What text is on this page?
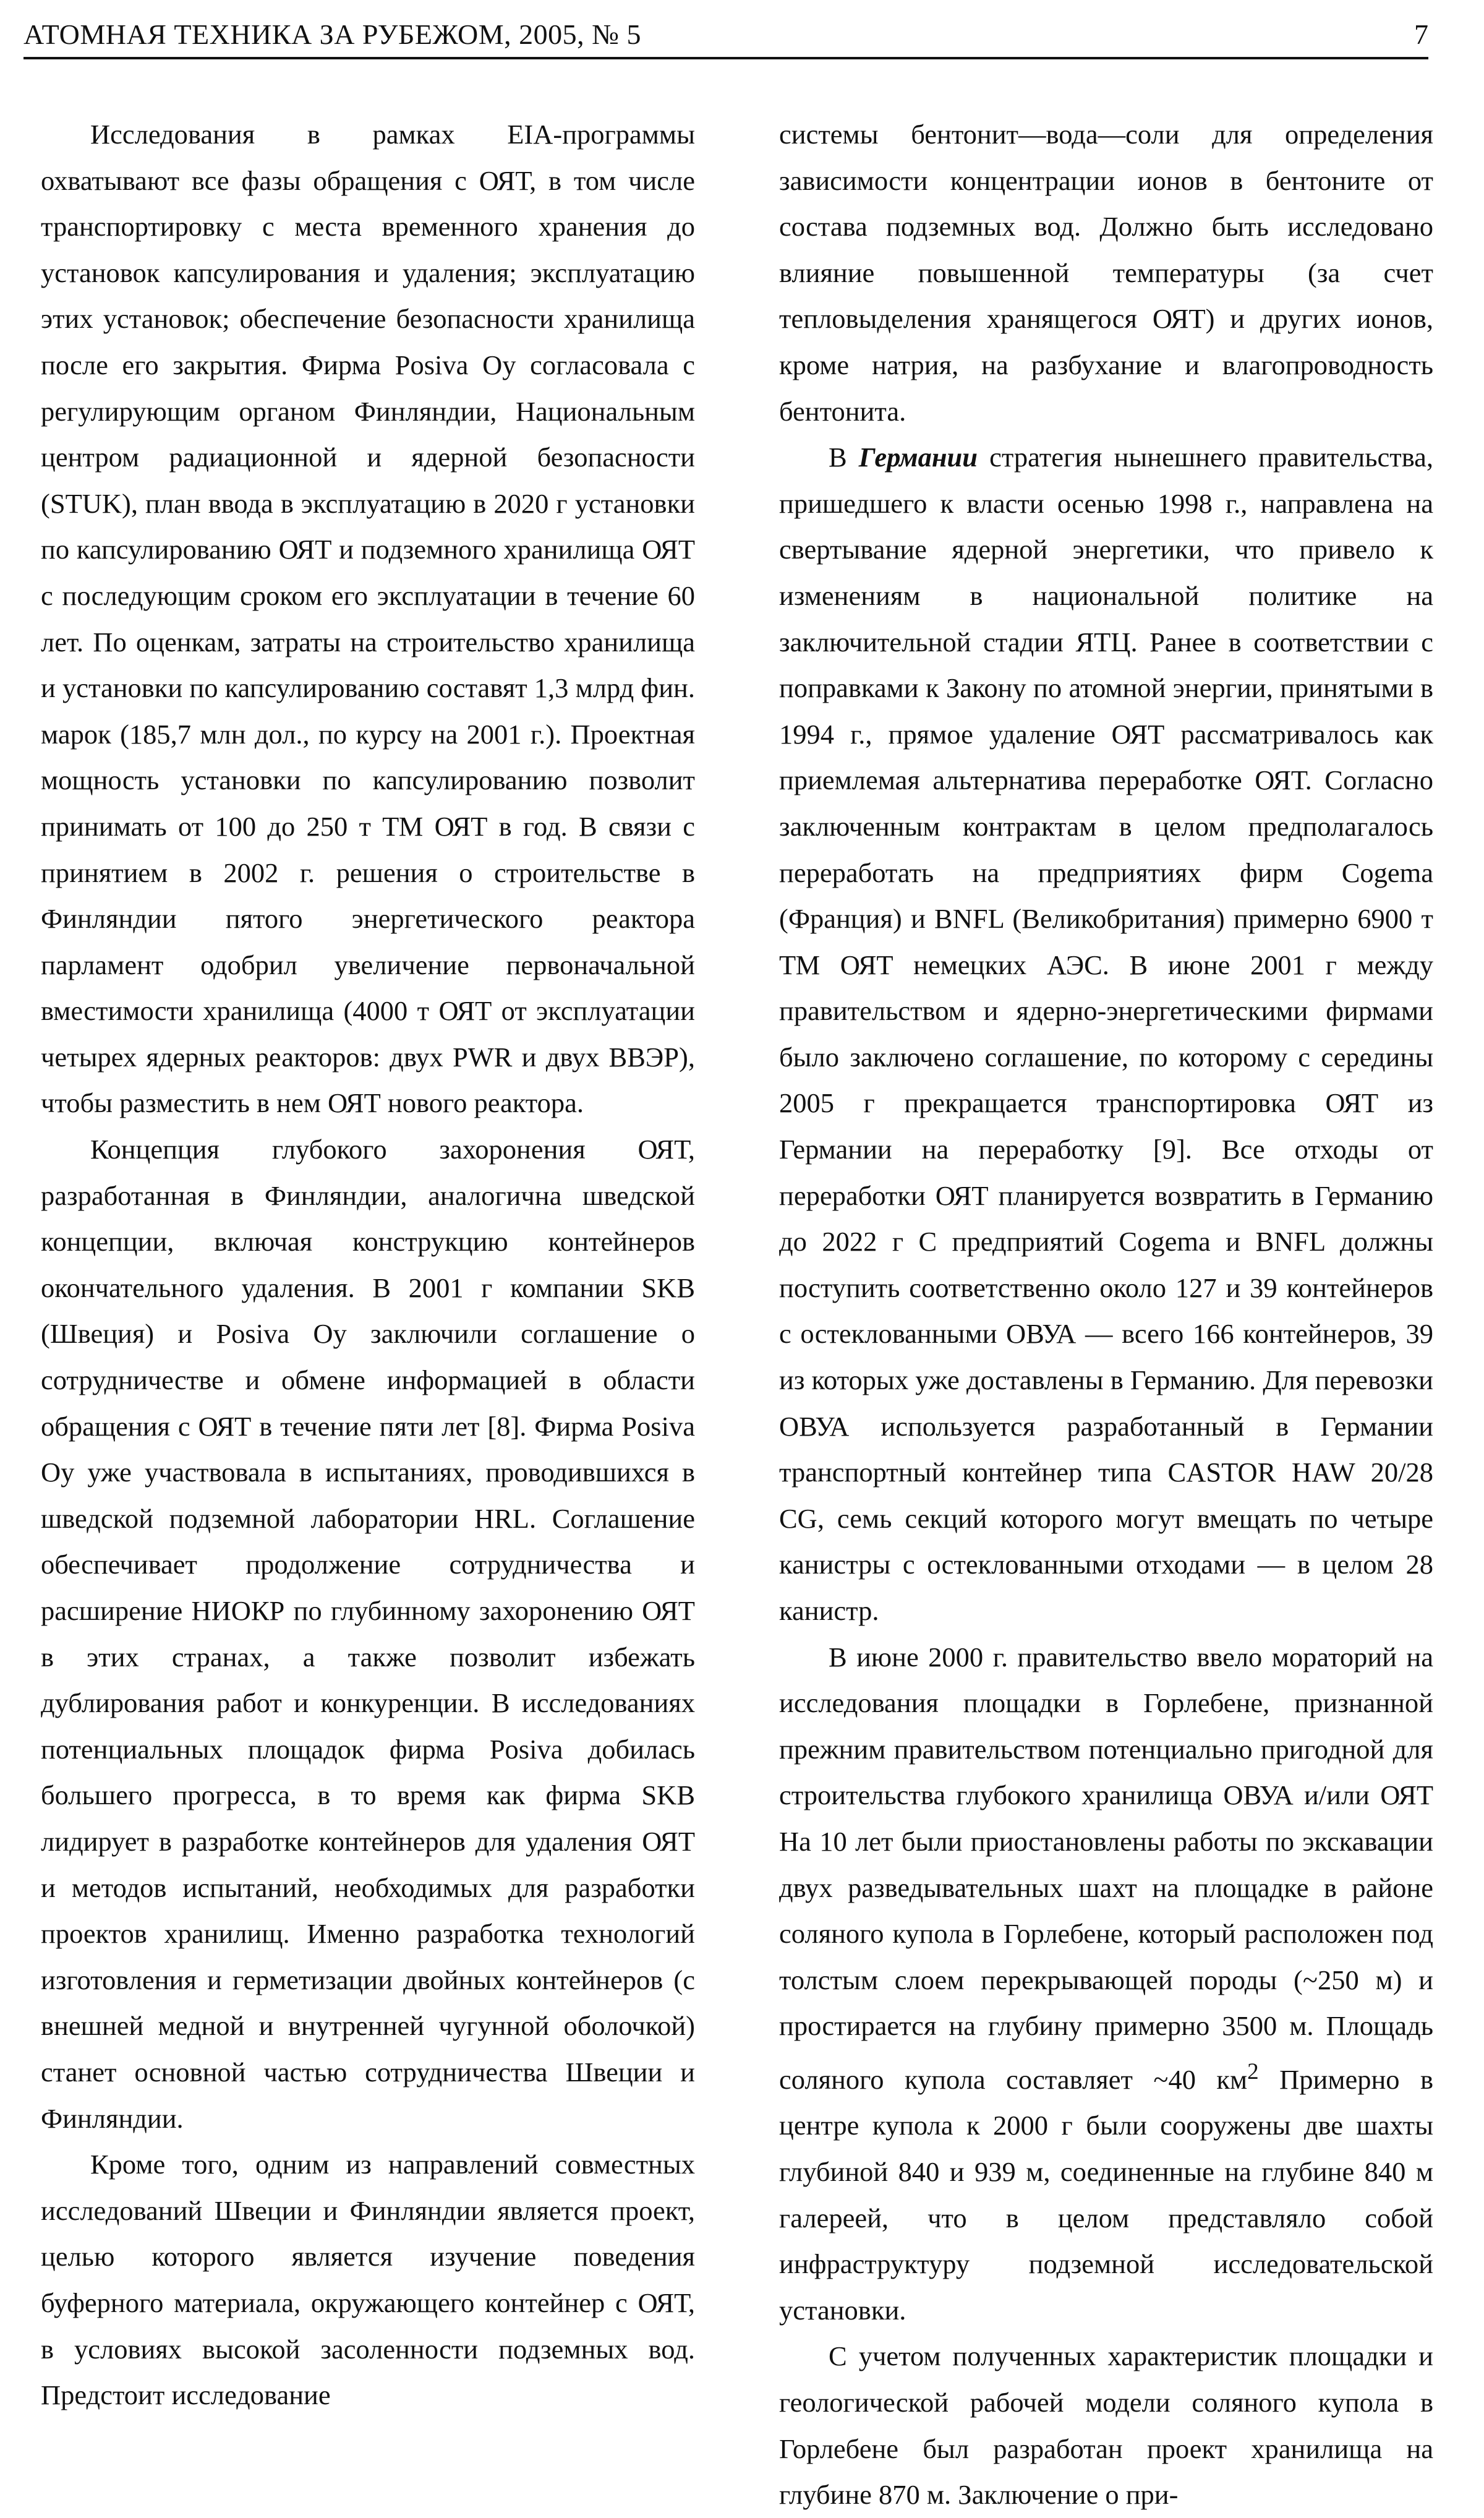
АТОМНАЯ ТЕХНИКА ЗА РУБЕЖОМ, 2005, № 5	7

Исследования в рамках EIA-программы охватывают все фазы обращения с ОЯТ, в том числе транспортировку с места временного хранения до установок капсулирования и удаления; эксплуатацию этих установок; обеспечение безопасности хранилища после его закрытия. Фирма Posiva Oy согласовала с регулирующим органом Финляндии, Национальным центром радиационной и ядерной безопасности (STUK), план ввода в эксплуатацию в 2020 г установки по капсулированию ОЯТ и подземного хранилища ОЯТ с последующим сроком его эксплуатации в течение 60 лет. По оценкам, затраты на строительство хранилища и установки по капсулированию составят 1,3 млрд фин. марок (185,7 млн дол., по курсу на 2001 г.). Проектная мощность установки по капсулированию позволит принимать от 100 до 250 т ТМ ОЯТ в год. В связи с принятием в 2002 г. решения о строительстве в Финляндии пятого энергетического реактора парламент одобрил увеличение первоначальной вместимости хранилища (4000 т ОЯТ от эксплуатации четырех ядерных реакторов: двух PWR и двух ВВЭР), чтобы разместить в нем ОЯТ нового реактора.

Концепция глубокого захоронения ОЯТ, разработанная в Финляндии, аналогична шведской концепции, включая конструкцию контейнеров окончательного удаления. В 2001 г компании SKB (Швеция) и Posiva Oy заключили соглашение о сотрудничестве и обмене информацией в области обращения с ОЯТ в течение пяти лет [8]. Фирма Posiva Oy уже участвовала в испытаниях, проводившихся в шведской подземной лаборатории HRL. Соглашение обеспечивает продолжение сотрудничества и расширение НИОКР по глубинному захоронению ОЯТ в этих странах, а также позволит избежать дублирования работ и конкуренции. В исследованиях потенциальных площадок фирма Posiva добилась большего прогресса, в то время как фирма SKB лидирует в разработке контейнеров для удаления ОЯТ и методов испытаний, необходимых для разработки проектов хранилищ. Именно разработка технологий изготовления и герметизации двойных контейнеров (с внешней медной и внутренней чугунной оболочкой) станет основной частью сотрудничества Швеции и Финляндии.

Кроме того, одним из направлений совместных исследований Швеции и Финляндии является проект, целью которого является изучение поведения буферного материала, окружающего контейнер с ОЯТ, в условиях высокой засоленности подземных вод. Предстоит исследование

системы бентонит—вода—соли для определения зависимости концентрации ионов в бентоните от состава подземных вод. Должно быть исследовано влияние повышенной температуры (за счет тепловыделения хранящегося ОЯТ) и других ионов, кроме натрия, на разбухание и влагопроводность бентонита.

В Германии стратегия нынешнего правительства, пришедшего к власти осенью 1998 г., направлена на свертывание ядерной энергетики, что привело к изменениям в национальной политике на заключительной стадии ЯТЦ. Ранее в соответствии с поправками к Закону по атомной энергии, принятыми в 1994 г., прямое удаление ОЯТ рассматривалось как приемлемая альтернатива переработке ОЯТ. Согласно заключенным контрактам в целом предполагалось переработать на предприятиях фирм Cogema (Франция) и BNFL (Великобритания) примерно 6900 т ТМ ОЯТ немецких АЭС. В июне 2001 г между правительством и ядерно-энергетическими фирмами было заключено соглашение, по которому с середины 2005 г прекращается транспортировка ОЯТ из Германии на переработку [9]. Все отходы от переработки ОЯТ планируется возвратить в Германию до 2022 г С предприятий Cogema и BNFL должны поступить соответственно около 127 и 39 контейнеров с остеклованными ОВУА — всего 166 контейнеров, 39 из которых уже доставлены в Германию. Для перевозки ОВУА используется разработанный в Германии транспортный контейнер типа CASTOR HAW 20/28 CG, семь секций которого могут вмещать по четыре канистры с остеклованными отходами — в целом 28 канистр.

В июне 2000 г. правительство ввело мораторий на исследования площадки в Горлебене, признанной прежним правительством потенциально пригодной для строительства глубокого хранилища ОВУА и/или ОЯТ На 10 лет были приостановлены работы по экскавации двух разведывательных шахт на площадке в районе соляного купола в Горлебене, который расположен под толстым слоем перекрывающей породы (~250 м) и простирается на глубину примерно 3500 м. Площадь соляного купола составляет ~40 $км^2$ Примерно в центре купола к 2000 г были сооружены две шахты глубиной 840 и 939 м, соединенные на глубине 840 м галереей, что в целом представляло собой инфраструктуру подземной исследовательской установки.

С учетом полученных характеристик площадки и геологической рабочей модели соляного купола в Горлебене был разработан проект хранилища на глубине 870 м. Заключение о при-
